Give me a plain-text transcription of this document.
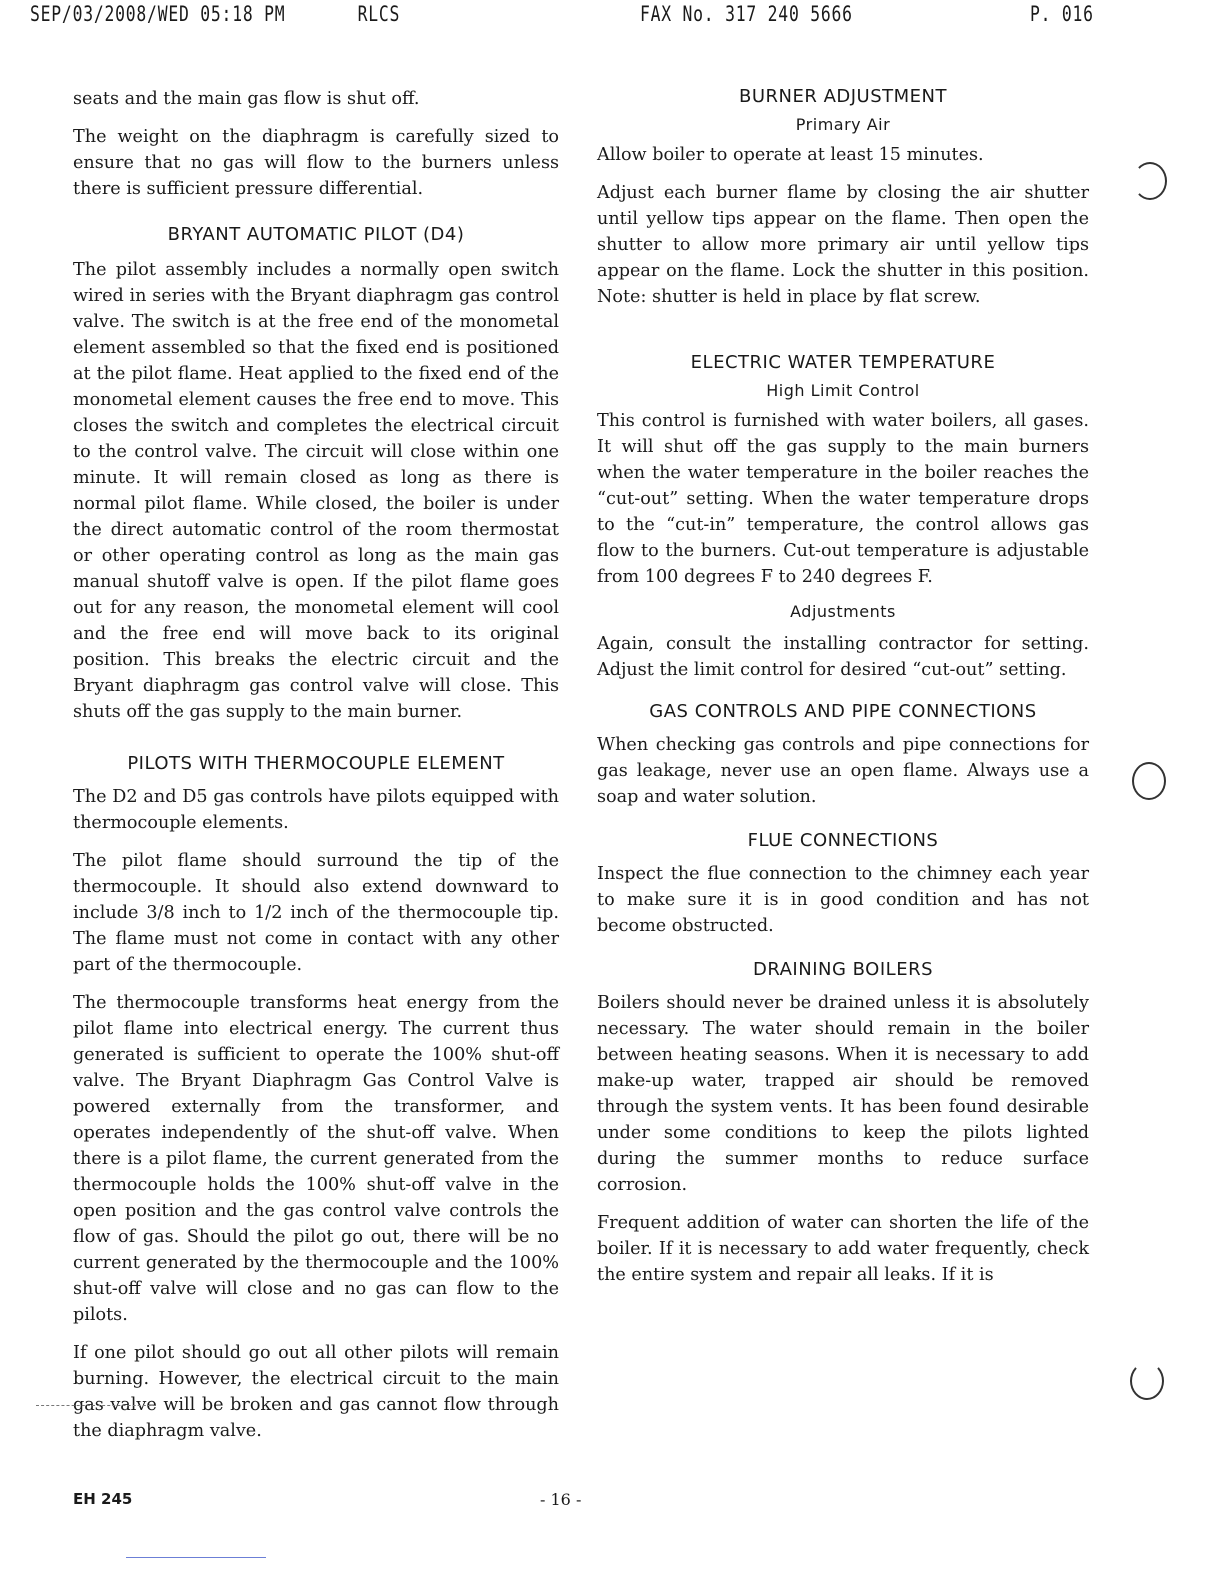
SEP/03/2008/WED 05:18 PM	RLCS	FAX No. 317 240 5666	P. 016

seats and the main gas flow is shut off.

The weight on the diaphragm is carefully sized to ensure that no gas will flow to the burners unless there is sufficient pressure differential.

BRYANT AUTOMATIC PILOT (D4)

The pilot assembly includes a normally open switch wired in series with the Bryant diaphragm gas control valve. The switch is at the free end of the monometal element assembled so that the fixed end is positioned at the pilot flame. Heat applied to the fixed end of the monometal element causes the free end to move. This closes the switch and completes the electrical circuit to the control valve. The circuit will close within one minute. It will remain closed as long as there is normal pilot flame. While closed, the boiler is under the direct automatic control of the room thermostat or other operating control as long as the main gas manual shutoff valve is open. If the pilot flame goes out for any reason, the monometal element will cool and the free end will move back to its original position. This breaks the electric circuit and the Bryant diaphragm gas control valve will close. This shuts off the gas supply to the main burner.

PILOTS WITH THERMOCOUPLE ELEMENT

The D2 and D5 gas controls have pilots equipped with thermocouple elements.

The pilot flame should surround the tip of the thermocouple. It should also extend downward to include 3/8 inch to 1/2 inch of the thermocouple tip. The flame must not come in contact with any other part of the thermocouple.

The thermocouple transforms heat energy from the pilot flame into electrical energy. The current thus generated is sufficient to operate the 100% shut-off valve. The Bryant Diaphragm Gas Control Valve is powered externally from the transformer, and operates independently of the shut-off valve. When there is a pilot flame, the current generated from the thermocouple holds the 100% shut-off valve in the open position and the gas control valve controls the flow of gas. Should the pilot go out, there will be no current generated by the thermocouple and the 100% shut-off valve will close and no gas can flow to the pilots.

If one pilot should go out all other pilots will remain burning. However, the electrical circuit to the main gas valve will be broken and gas cannot flow through the diaphragm valve.

BURNER ADJUSTMENT
Primary Air

Allow boiler to operate at least 15 minutes.

Adjust each burner flame by closing the air shutter until yellow tips appear on the flame. Then open the shutter to allow more primary air until yellow tips appear on the flame. Lock the shutter in this position. Note: shutter is held in place by flat screw.

ELECTRIC WATER TEMPERATURE
High Limit Control

This control is furnished with water boilers, all gases. It will shut off the gas supply to the main burners when the water temperature in the boiler reaches the “cut-out” setting. When the water temperature drops to the “cut-in” temperature, the control allows gas flow to the burners. Cut-out temperature is adjustable from 100 degrees F to 240 degrees F.

Adjustments

Again, consult the installing contractor for setting. Adjust the limit control for desired “cut-out” setting.

GAS CONTROLS AND PIPE CONNECTIONS

When checking gas controls and pipe connections for gas leakage, never use an open flame. Always use a soap and water solution.

FLUE CONNECTIONS

Inspect the flue connection to the chimney each year to make sure it is in good condition and has not become obstructed.

DRAINING BOILERS

Boilers should never be drained unless it is absolutely necessary. The water should remain in the boiler between heating seasons. When it is necessary to add make-up water, trapped air should be removed through the system vents. It has been found desirable under some conditions to keep the pilots lighted during the summer months to reduce surface corrosion.

Frequent addition of water can shorten the life of the boiler. If it is necessary to add water frequently, check the entire system and repair all leaks. If it is

EH 245	- 16 -
